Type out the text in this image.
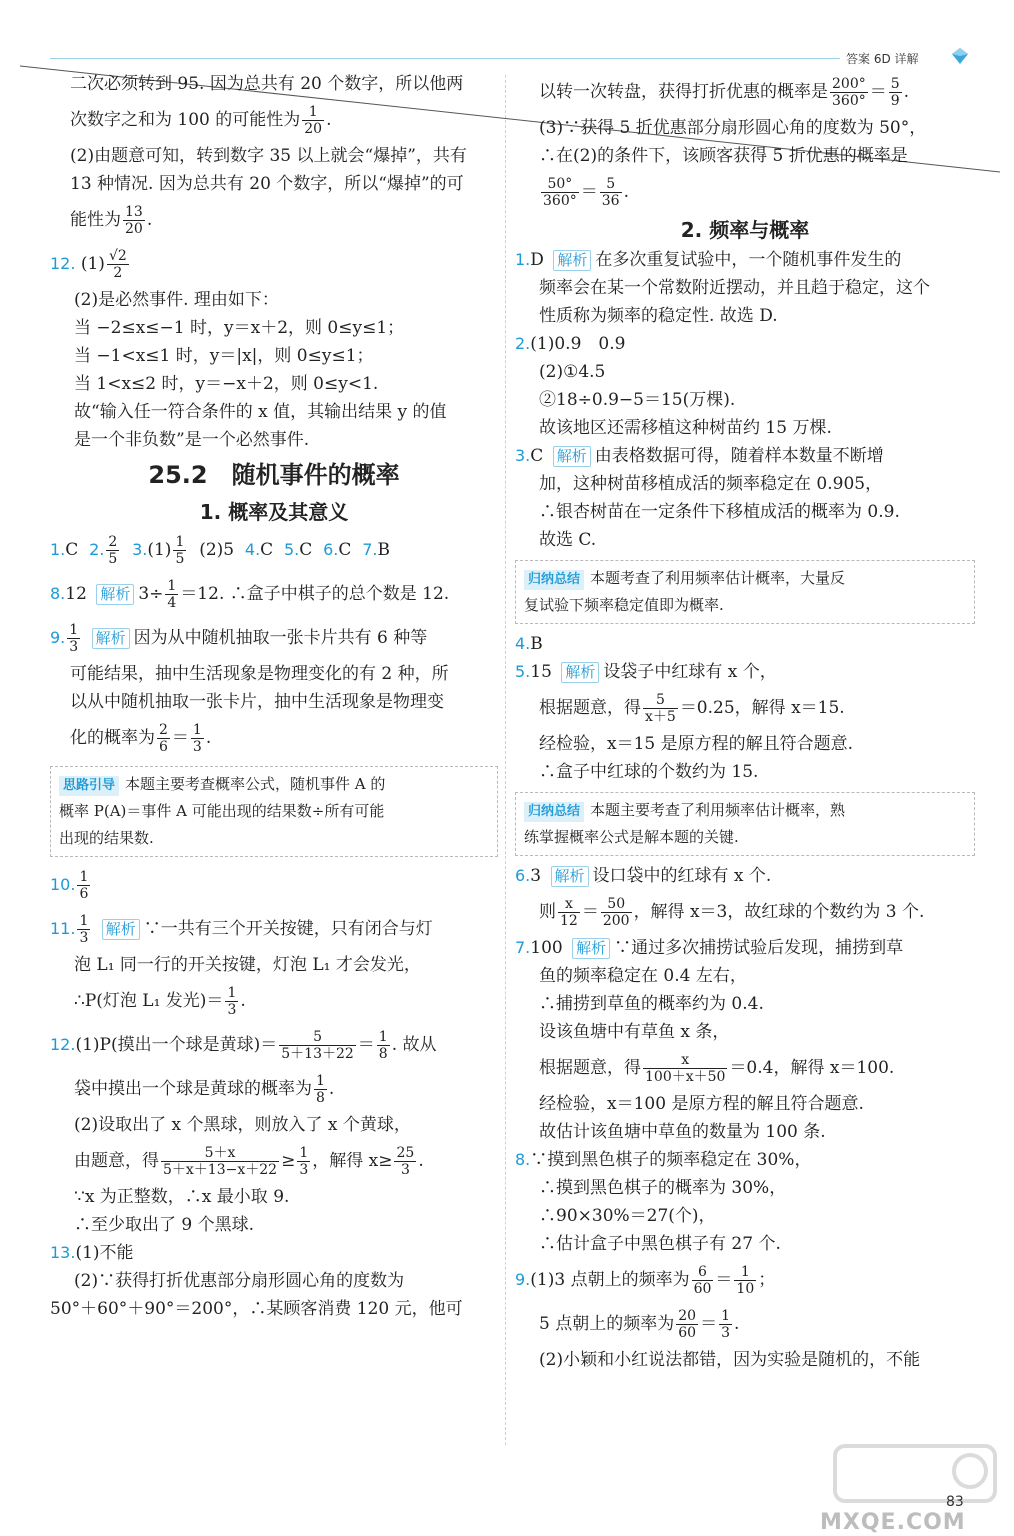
答案 6D 详解

二次必须转到 95. 因为总共有 20 个数字，所以他两

次数字之和为 100 的可能性为 $\frac{1}{20}$ .

(2)由题意可知，转到数字 35 以上就会“爆掉”，共有

13 种情况. 因为总共有 20 个数字，所以“爆掉”的可

能性为 $\frac{13}{20}$ .

12. $(1) \frac{√2}{2}$

(2)是必然事件. 理由如下：

当 −2≤x≤−1 时，y＝x＋2，则 0≤y≤1；

当 −1<x≤1 时，y＝|x|，则 0≤y≤1；

当 1<x≤2 时，y＝−x＋2，则 0≤y<1.

故“输入任一符合条件的 x 值，其输出结果 y 的值

是一个非负数”是一个必然事件.

25.2　随机事件的概率
1. 概率及其意义

1.C 2. $\frac{2}{5} 3.(1) \frac{1}{5} (2)5$ 4.C 5.C 6.C 7.B

8.12 解析 $3\div \frac{1}{4} =12$. ∴盒子中棋子的总个数是 12.

9. $\frac{1}{3}$ 解析 因为从中随机抽取一张卡片共有 6 种等

可能结果，抽中生活现象是物理变化的有 2 种，所

以从中随机抽取一张卡片，抽中生活现象是物理变

化的概率为 $\frac{2}{6} = \frac{1}{3}$ .

思路引导 本题主要考查概率公式，随机事件 A 的
概率 P(A)＝事件 A 可能出现的结果数÷所有可能
出现的结果数.

10. $\frac{1}{6}$

11. $\frac{1}{3}$ 解析 ∵一共有三个开关按键，只有闭合与灯

泡 L₁ 同一行的开关按键，灯泡 L₁ 才会发光，

∴P(灯泡 L₁ 发光)＝ $\frac{1}{3}$ .

12.(1)P(摸出一个球是黄球)＝ $\frac{5}{5+13+22} = \frac{1}{8}$ . 故从

袋中摸出一个球是黄球的概率为 $\frac{1}{8}$ .

(2)设取出了 x 个黑球，则放入了 x 个黄球，

由题意，得 $\frac{5+x}{5+x+13-x+22} \ge \frac{1}{3}$ ，解得 $x\ge \frac{25}{3}$ .

∵x 为正整数，∴x 最小取 9.

∴至少取出了 9 个黑球.

13.(1)不能

(2)∵获得打折优惠部分扇形圆心角的度数为

50°＋60°＋90°＝200°，∴某顾客消费 120 元，他可

以转一次转盘，获得打折优惠的概率是 $\frac{200^\circ}{360^\circ} = \frac{5}{9}$ .

(3)∵获得 5 折优惠部分扇形圆心角的度数为 50°，

∴在(2)的条件下，该顾客获得 5 折优惠的概率是

$\frac{50^\circ}{360^\circ} = \frac{5}{36}$ .

2. 频率与概率

1.D 解析 在多次重复试验中，一个随机事件发生的

频率会在某一个常数附近摆动，并且趋于稳定，这个

性质称为频率的稳定性. 故选 D.

2.(1)0.9　0.9

(2)①4.5

②18÷0.9−5＝15(万棵).

故该地区还需移植这种树苗约 15 万棵.

3.C 解析 由表格数据可得，随着样本数量不断增

加，这种树苗移植成活的频率稳定在 0.905，

∴银杏树苗在一定条件下移植成活的概率为 0.9.

故选 C.

归纳总结 本题考查了利用频率估计概率，大量反
复试验下频率稳定值即为概率.

4.B

5.15 解析 设袋子中红球有 x 个，

根据题意，得 $\frac{5}{x+5} =0.25$，解得 x＝15.

经检验，x＝15 是原方程的解且符合题意.

∴盒子中红球的个数约为 15.

归纳总结 本题主要考查了利用频率估计概率，熟
练掌握概率公式是解本题的关键.

6.3 解析 设口袋中的红球有 x 个.

则 $\frac{x}{12} = \frac{50}{200}$ ，解得 x＝3，故红球的个数约为 3 个.

7.100 解析 ∵通过多次捕捞试验后发现，捕捞到草

鱼的频率稳定在 0.4 左右，

∴捕捞到草鱼的概率约为 0.4.

设该鱼塘中有草鱼 x 条，

根据题意，得 $\frac{x}{100+x+50} =0.4$，解得 x＝100.

经检验，x＝100 是原方程的解且符合题意.

故估计该鱼塘中草鱼的数量为 100 条.

8.∵摸到黑色棋子的频率稳定在 30%，

∴摸到黑色棋子的概率为 30%，

∴90×30%＝27(个)，

∴估计盒子中黑色棋子有 27 个.

9.(1)3 点朝上的频率为 $\frac{6}{60} = \frac{1}{10}$ ；

5 点朝上的频率为 $\frac{20}{60} = \frac{1}{3}$ .

(2)小颖和小红说法都错，因为实验是随机的，不能

83
MXQE.COM
